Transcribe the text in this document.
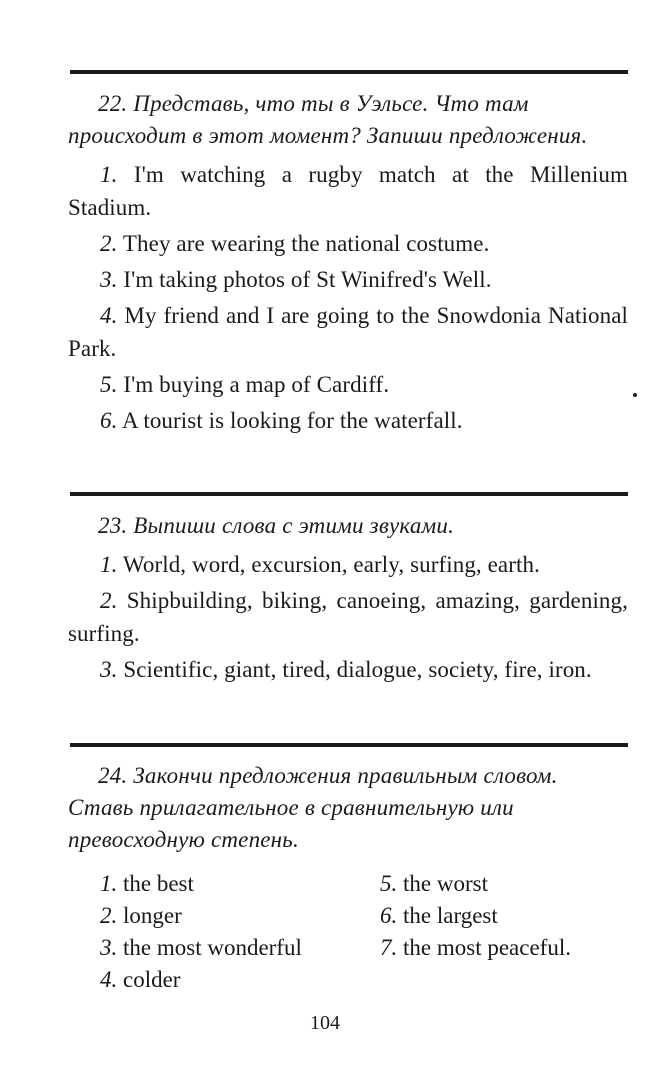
22. Представь, что ты в Уэльсе. Что там происходит в этот момент? Запиши предложения.

1. I'm watching a rugby match at the Millenium Stadium.

2. They are wearing the national costume.

3. I'm taking photos of St Winifred's Well.

4. My friend and I are going to the Snowdonia National Park.

5. I'm buying a map of Cardiff.

6. A tourist is looking for the waterfall.

23. Выпиши слова с этими звуками.

1. World, word, excursion, early, surfing, earth.

2. Shipbuilding, biking, canoeing, amazing, gardening, surfing.

3. Scientific, giant, tired, dialogue, society, fire, iron.

24. Закончи предложения правильным словом. Ставь прилагательное в сравнительную или превосходную степень.

1. the best	5. the worst
2. longer	6. the largest
3. the most wonderful	7. the most peaceful.
4. colder
104
